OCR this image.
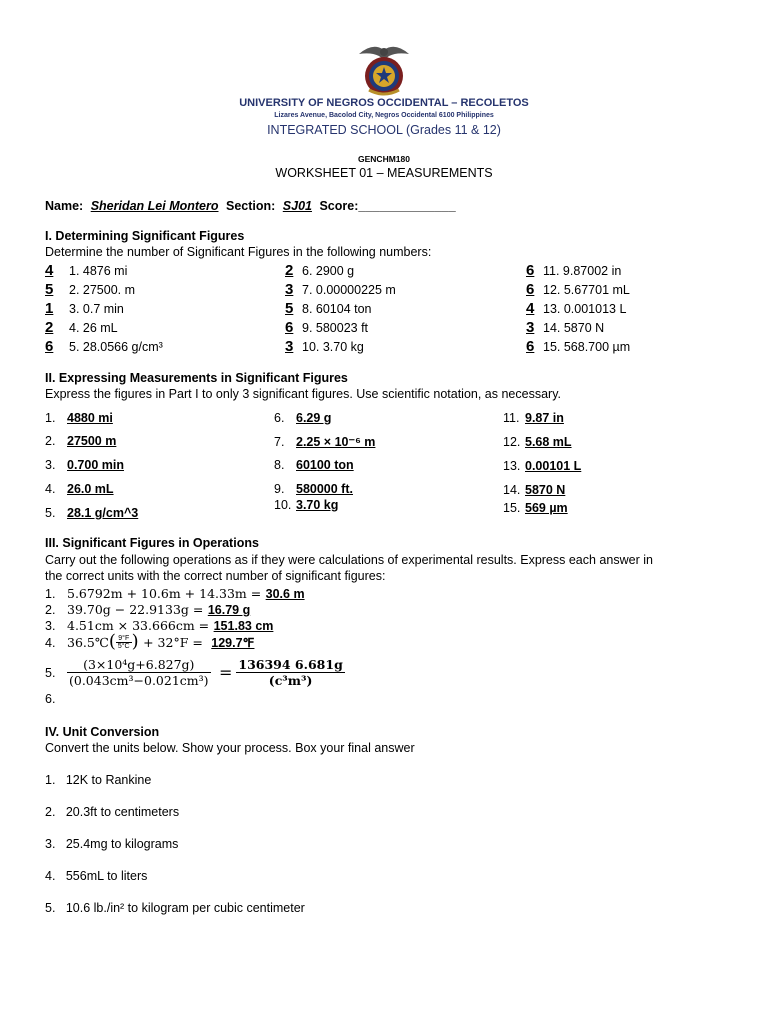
UNIVERSITY OF NEGROS OCCIDENTAL – RECOLETOS
Lizares Avenue, Bacolod City, Negros Occidental 6100 Philippines
INTEGRATED SCHOOL (Grades 11 & 12)
GENCHM180
WORKSHEET 01 – MEASUREMENTS
Name: Sheridan Lei Montero Section: SJ01 Score:______________
I. Determining Significant Figures
Determine the number of Significant Figures in the following numbers:
4 1. 4876 mi
5 2. 27500. m
1 3. 0.7 min
2 4. 26 mL
6 5. 28.0566 g/cm³
2 6. 2900 g
3 7. 0.00000225 m
5 8. 60104 ton
6 9. 580023 ft
3 10. 3.70 kg
6 11. 9.87002 in
6 12. 5.67701 mL
4 13. 0.001013 L
3 14. 5870 N
6 15. 568.700 µm
II. Expressing Measurements in Significant Figures
Express the figures in Part I to only 3 significant figures. Use scientific notation, as necessary.
1. 4880 mi
2. 27500 m
3. 0.700 min
4. 26.0 mL
5. 28.1 g/cm^3
6. 6.29 g
7. 2.25 × 10⁻⁶ m
8. 60100 ton
9. 580000 ft.
10. 3.70 kg
11. 9.87 in
12. 5.68 mL
13. 0.00101 L
14. 5870 N
15. 569 µm
III. Significant Figures in Operations
Carry out the following operations as if they were calculations of experimental results. Express each answer in
the correct units with the correct number of significant figures:
1. 5.6792m + 10.6m + 14.33m = 30.6 m
2. 39.70g − 22.9133g = 16.79 g
3. 4.51cm × 33.666cm = 151.83 cm
4. 36.5℃( $\frac{9^\circ F}{5^\circ C}$ ) + 32°F = 129.7℉
5. $\frac{\text{(3×10⁴g+6.827g)}}{\text{(0.043cm³−0.021cm³)}} = \frac{136394 6.681g}{\text{(c³m³)}}$
6.
IV. Unit Conversion
Convert the units below. Show your process. Box your final answer
1.   12K to Rankine
2.   20.3ft to centimeters
3.   25.4mg to kilograms
4.   556mL to liters
5.   10.6 lb./in² to kilogram per cubic centimeter
